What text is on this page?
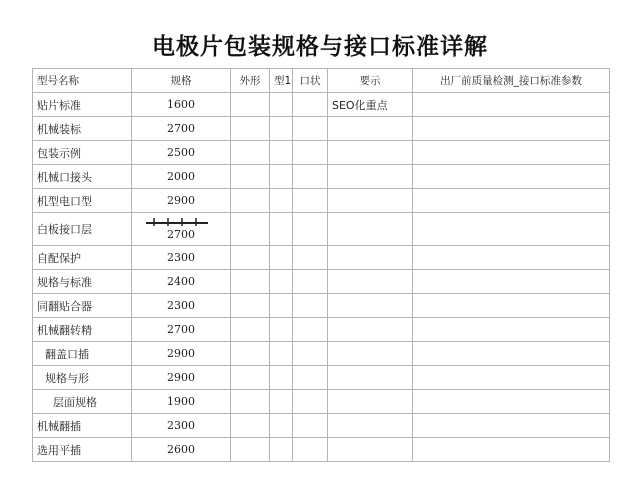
电极片包装规格与接口标准详解
型号名称	规格	外形	型1	口状	要示	出厂前质量检测_接口标准参数
贴片标准	1600				SEO化重点	
机械装标	2700					
包装示例	2500					
机械口接头	2000					
机型电口型	2900					
白板接口层	2700					

自配保护	2300					
规格与标准	2400					
同翻贴合器	2300					
机械翻转精	2700					
翻盖口插	2900					
规格与形	2900					
层面规格	1900					
机械翻插	2300					
选用平插	2600					
